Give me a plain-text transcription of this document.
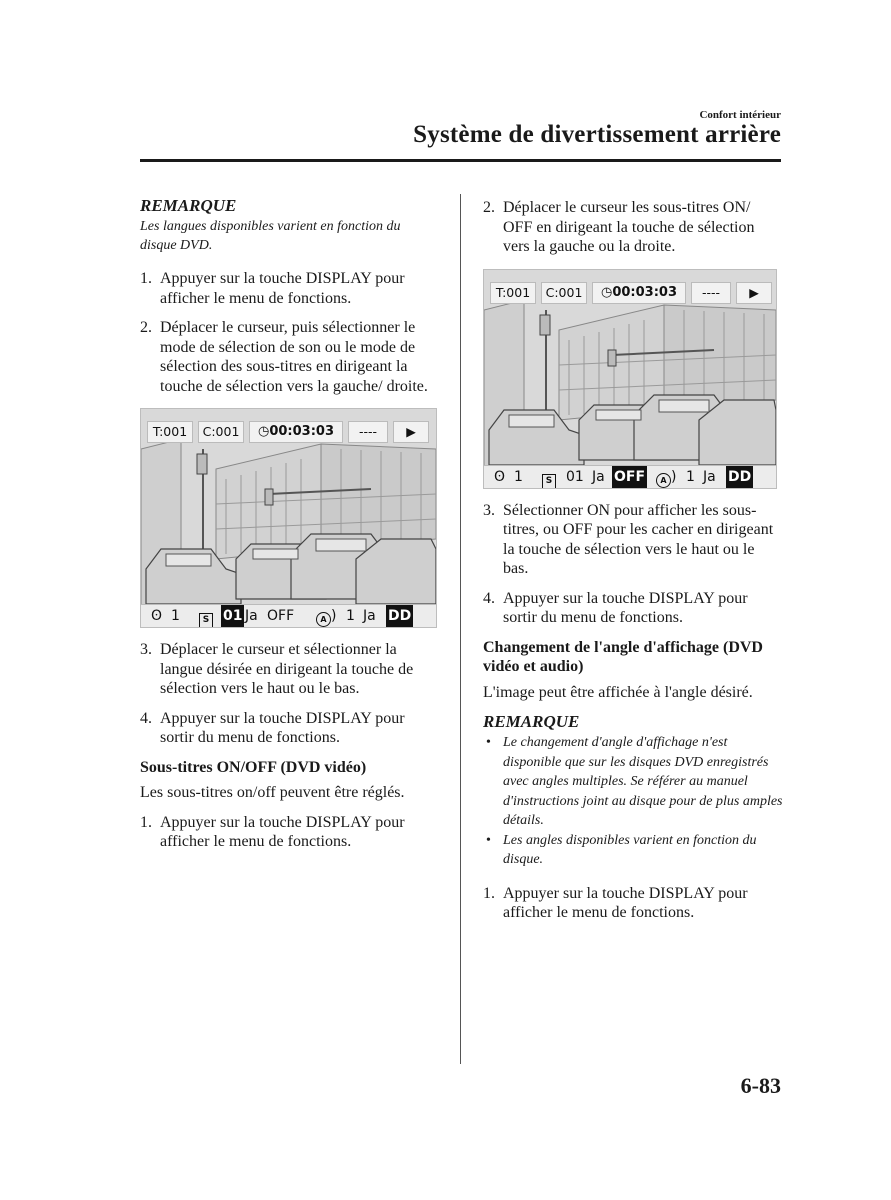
Confort intérieur
Système de divertissement arrière
REMARQUE

Les langues disponibles varient en fonction du disque DVD.

1. Appuyer sur la touche DISPLAY pour afficher le menu de fonctions.
2. Déplacer le curseur, puis sélectionner le mode de sélection de son ou le mode de sélection des sous-titres en dirigeant la touche de sélection vers la gauche/ droite.
T:001	C:001	◷00:03:03	----	▶
ʘ 1	S 01 Ja OFF	A ) 1 Ja DD
3. Déplacer le curseur et sélectionner la langue désirée en dirigeant la touche de sélection vers le haut ou le bas.
4. Appuyer sur la touche DISPLAY pour sortir du menu de fonctions.

Sous-titres ON/OFF (DVD vidéo)

Les sous-titres on/off peuvent être réglés.

1. Appuyer sur la touche DISPLAY pour afficher le menu de fonctions.
2. Déplacer le curseur les sous-titres ON/ OFF en dirigeant la touche de sélection vers la gauche ou la droite.
T:001	C:001	◷00:03:03	----	▶
ʘ 1	S 01 Ja OFF	A ) 1 Ja DD
3. Sélectionner ON pour afficher les sous- titres, ou OFF pour les cacher en dirigeant la touche de sélection vers le haut ou le bas.
4. Appuyer sur la touche DISPLAY pour sortir du menu de fonctions.

Changement de l'angle d'affichage (DVD vidéo et audio)

L'image peut être affichée à l'angle désiré.

REMARQUE
• Le changement d'angle d'affichage n'est disponible que sur les disques DVD enregistrés avec angles multiples. Se référer au manuel d'instructions joint au disque pour de plus amples détails.
• Les angles disponibles varient en fonction du disque.
1. Appuyer sur la touche DISPLAY pour afficher le menu de fonctions.
6-83
